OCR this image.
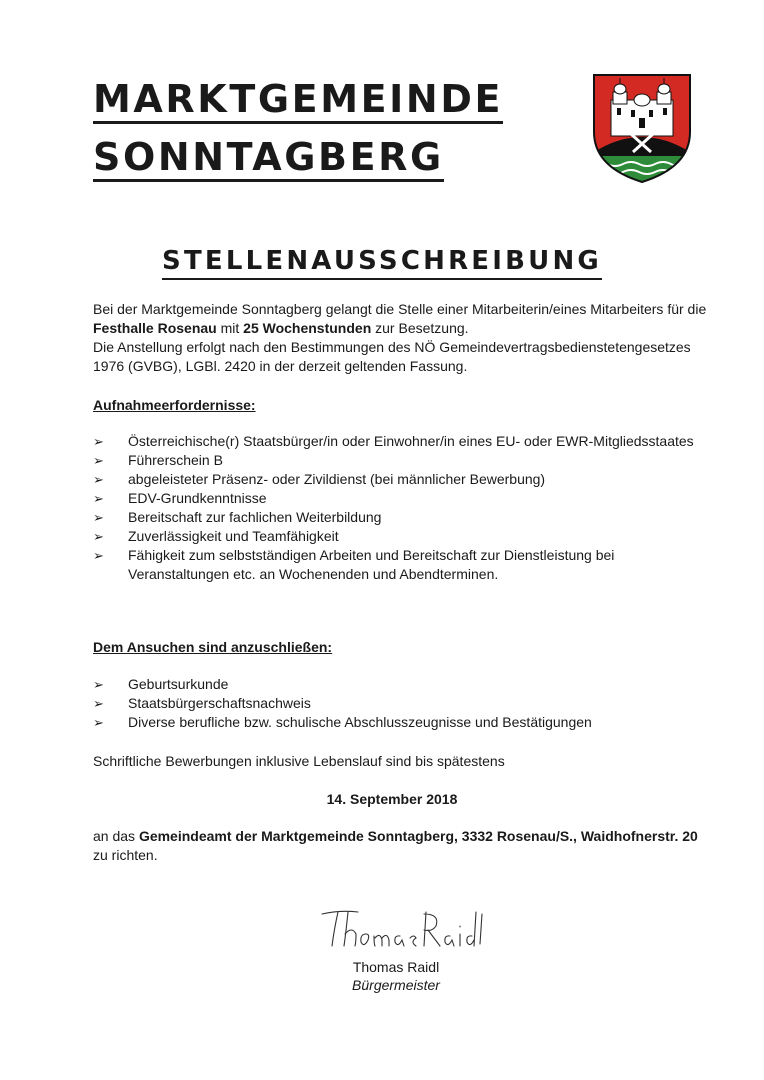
MARKTGEMEINDE
SONNTAGBERG
STELLENAUSSCHREIBUNG
Bei der Marktgemeinde Sonntagberg gelangt die Stelle einer Mitarbeiterin/eines Mitarbeiters für die Festhalle Rosenau mit 25 Wochenstunden zur Besetzung.
Die Anstellung erfolgt nach den Bestimmungen des NÖ Gemeindevertragsbedienstetengesetzes 1976 (GVBG), LGBl. 2420 in der derzeit geltenden Fassung.
Aufnahmeerfordernisse:
➢ Österreichische(r) Staatsbürger/in oder Einwohner/in eines EU- oder EWR-Mitgliedsstaates
➢ Führerschein B
➢ abgeleisteter Präsenz- oder Zivildienst (bei männlicher Bewerbung)
➢ EDV-Grundkenntnisse
➢ Bereitschaft zur fachlichen Weiterbildung
➢ Zuverlässigkeit und Teamfähigkeit
➢ Fähigkeit zum selbstständigen Arbeiten und Bereitschaft zur Dienstleistung bei Veranstaltungen etc. an Wochenenden und Abendterminen.
Dem Ansuchen sind anzuschließen:
➢ Geburtsurkunde
➢ Staatsbürgerschaftsnachweis
➢ Diverse berufliche bzw. schulische Abschlusszeugnisse und Bestätigungen
Schriftliche Bewerbungen inklusive Lebenslauf sind bis spätestens
14. September 2018
an das Gemeindeamt der Marktgemeinde Sonntagberg, 3332 Rosenau/S., Waidhofnerstr. 20 zu richten.

Thomas Raidl

Bürgermeister
